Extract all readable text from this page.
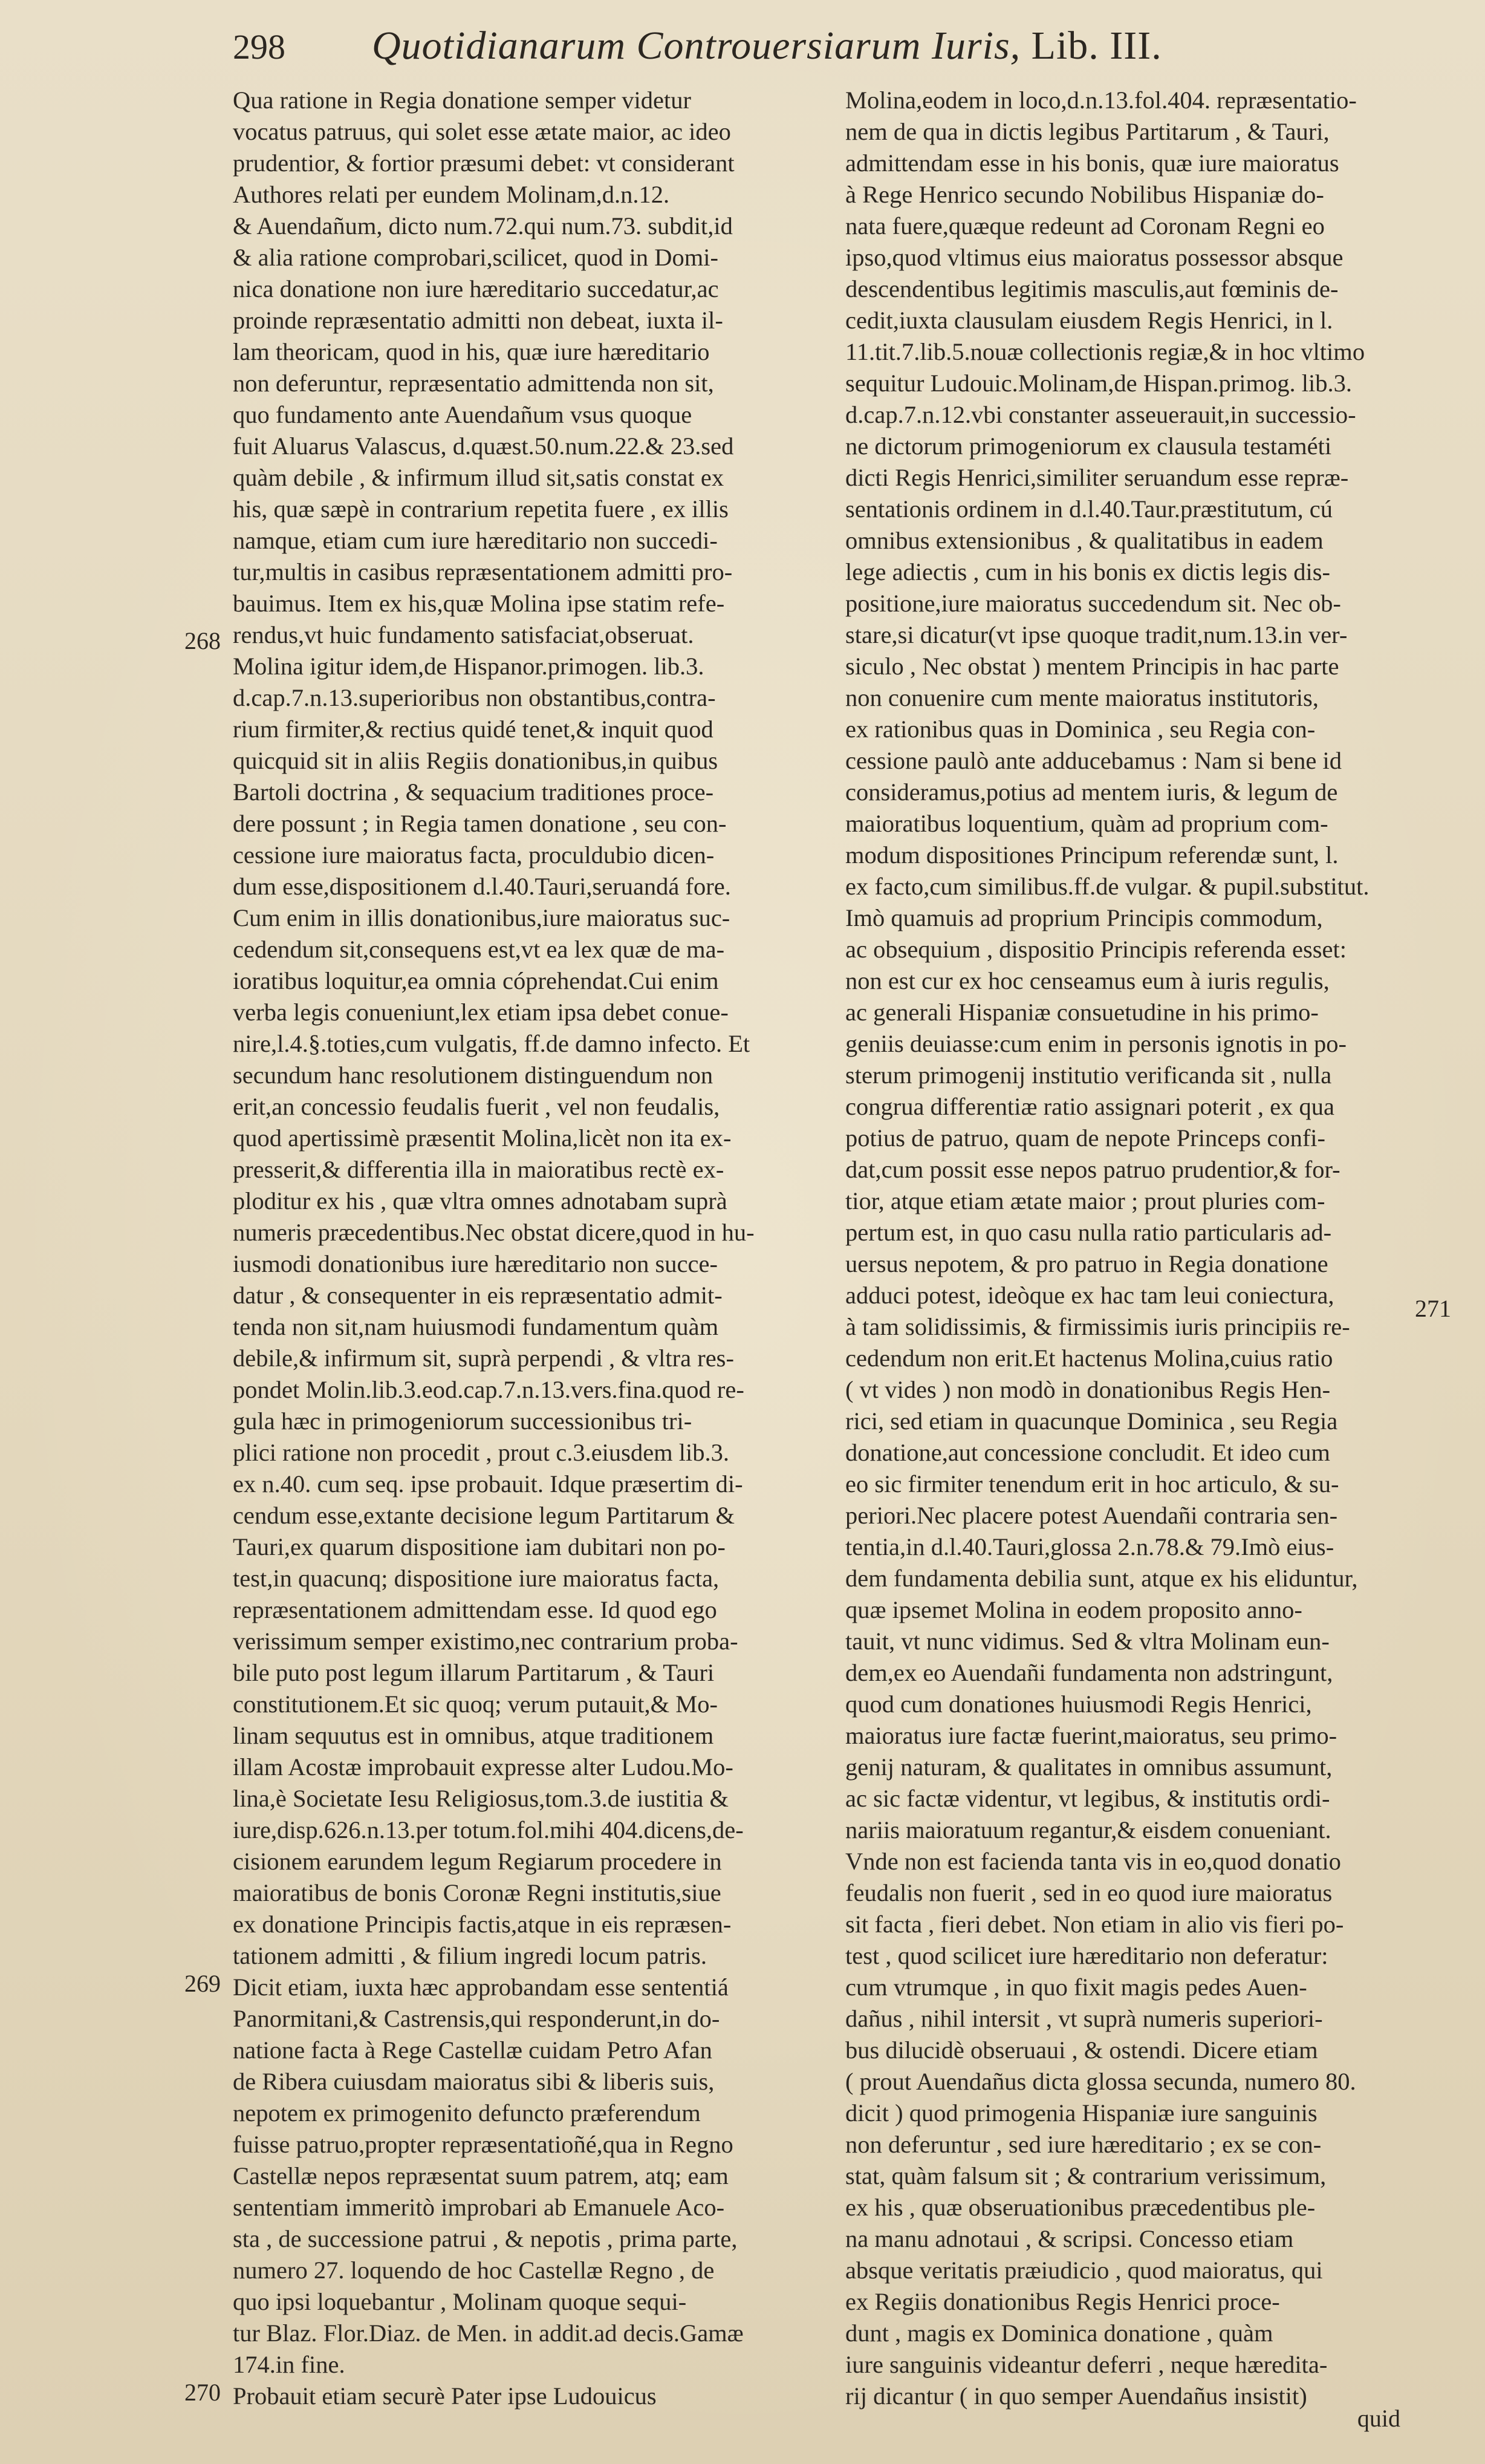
298	Quotidianarum Controuersiarum Iuris, Lib. III.
268
269
270
271
Qua ratione in Regia donatione semper videtur
vocatus patruus, qui solet esse ætate maior, ac ideo
prudentior, & fortior præsumi debet: vt considerant
Authores relati per eundem Molinam,d.n.12.
& Auendañum, dicto num.72.qui num.73. subdit,id
& alia ratione comprobari,scilicet, quod in Domi-
nica donatione non iure hæreditario succedatur,ac
proinde repræsentatio admitti non debeat, iuxta il-
lam theoricam, quod in his, quæ iure hæreditario
non deferuntur, repræsentatio admittenda non sit,
quo fundamento ante Auendañum vsus quoque
fuit Aluarus Valascus, d.quæst.50.num.22.& 23.sed
quàm debile , & infirmum illud sit,satis constat ex
his, quæ sæpè in contrarium repetita fuere , ex illis
namque, etiam cum iure hæreditario non succedi-
tur,multis in casibus repræsentationem admitti pro-
bauimus. Item ex his,quæ Molina ipse statim refe-
rendus,vt huic fundamento satisfaciat,obseruat.
Molina igitur idem,de Hispanor.primogen. lib.3.
d.cap.7.n.13.superioribus non obstantibus,contra-
rium firmiter,& rectius quidé tenet,& inquit quod
quicquid sit in aliis Regiis donationibus,in quibus
Bartoli doctrina , & sequacium traditiones proce-
dere possunt ; in Regia tamen donatione , seu con-
cessione iure maioratus facta, proculdubio dicen-
dum esse,dispositionem d.l.40.Tauri,seruandá fore.
Cum enim in illis donationibus,iure maioratus suc-
cedendum sit,consequens est,vt ea lex quæ de ma-
ioratibus loquitur,ea omnia cóprehendat.Cui enim
verba legis conueniunt,lex etiam ipsa debet conue-
nire,l.4.§.toties,cum vulgatis, ff.de damno infecto. Et
secundum hanc resolutionem distinguendum non
erit,an concessio feudalis fuerit , vel non feudalis,
quod apertissimè præsentit Molina,licèt non ita ex-
presserit,& differentia illa in maioratibus rectè ex-
ploditur ex his , quæ vltra omnes adnotabam suprà
numeris præcedentibus.Nec obstat dicere,quod in hu-
iusmodi donationibus iure hæreditario non succe-
datur , & consequenter in eis repræsentatio admit-
tenda non sit,nam huiusmodi fundamentum quàm
debile,& infirmum sit, suprà perpendi , & vltra res-
pondet Molin.lib.3.eod.cap.7.n.13.vers.fina.quod re-
gula hæc in primogeniorum successionibus tri-
plici ratione non procedit , prout c.3.eiusdem lib.3.
ex n.40. cum seq. ipse probauit. Idque præsertim di-
cendum esse,extante decisione legum Partitarum &
Tauri,ex quarum dispositione iam dubitari non po-
test,in quacunq; dispositione iure maioratus facta,
repræsentationem admittendam esse. Id quod ego
verissimum semper existimo,nec contrarium proba-
bile puto post legum illarum Partitarum , & Tauri
constitutionem.Et sic quoq; verum putauit,& Mo-
linam sequutus est in omnibus, atque traditionem
illam Acostæ improbauit expresse alter Ludou.Mo-
lina,è Societate Iesu Religiosus,tom.3.de iustitia &
iure,disp.626.n.13.per totum.fol.mihi 404.dicens,de-
cisionem earundem legum Regiarum procedere in
maioratibus de bonis Coronæ Regni institutis,siue
ex donatione Principis factis,atque in eis repræsen-
tationem admitti , & filium ingredi locum patris.
Dicit etiam, iuxta hæc approbandam esse sententiá
Panormitani,& Castrensis,qui responderunt,in do-
natione facta à Rege Castellæ cuidam Petro Afan
de Ribera cuiusdam maioratus sibi & liberis suis,
nepotem ex primogenito defuncto præferendum
fuisse patruo,propter repræsentatioñé,qua in Regno
Castellæ nepos repræsentat suum patrem, atq; eam
sententiam immeritò improbari ab Emanuele Aco-
sta , de successione patrui , & nepotis , prima parte,
numero 27. loquendo de hoc Castellæ Regno , de
quo ipsi loquebantur , Molinam quoque sequi-
tur Blaz. Flor.Diaz. de Men. in addit.ad decis.Gamæ
174.in fine.
Probauit etiam securè Pater ipse Ludouicus
Molina,eodem in loco,d.n.13.fol.404. repræsentatio-
nem de qua in dictis legibus Partitarum , & Tauri,
admittendam esse in his bonis, quæ iure maioratus
à Rege Henrico secundo Nobilibus Hispaniæ do-
nata fuere,quæque redeunt ad Coronam Regni eo
ipso,quod vltimus eius maioratus possessor absque
descendentibus legitimis masculis,aut fœminis de-
cedit,iuxta clausulam eiusdem Regis Henrici, in l.
11.tit.7.lib.5.nouæ collectionis regiæ,& in hoc vltimo
sequitur Ludouic.Molinam,de Hispan.primog. lib.3.
d.cap.7.n.12.vbi constanter asseuerauit,in successio-
ne dictorum primogeniorum ex clausula testaméti
dicti Regis Henrici,similiter seruandum esse repræ-
sentationis ordinem in d.l.40.Taur.præstitutum, cú
omnibus extensionibus , & qualitatibus in eadem
lege adiectis , cum in his bonis ex dictis legis dis-
positione,iure maioratus succedendum sit. Nec ob-
stare,si dicatur(vt ipse quoque tradit,num.13.in ver-
siculo , Nec obstat ) mentem Principis in hac parte
non conuenire cum mente maioratus institutoris,
ex rationibus quas in Dominica , seu Regia con-
cessione paulò ante adducebamus : Nam si bene id
consideramus,potius ad mentem iuris, & legum de
maioratibus loquentium, quàm ad proprium com-
modum dispositiones Principum referendæ sunt, l.
ex facto,cum similibus.ff.de vulgar. & pupil.substitut.
Imò quamuis ad proprium Principis commodum,
ac obsequium , dispositio Principis referenda esset:
non est cur ex hoc censeamus eum à iuris regulis,
ac generali Hispaniæ consuetudine in his primo-
geniis deuiasse:cum enim in personis ignotis in po-
sterum primogenij institutio verificanda sit , nulla
congrua differentiæ ratio assignari poterit , ex qua
potius de patruo, quam de nepote Princeps confi-
dat,cum possit esse nepos patruo prudentior,& for-
tior, atque etiam ætate maior ; prout pluries com-
pertum est, in quo casu nulla ratio particularis ad-
uersus nepotem, & pro patruo in Regia donatione
adduci potest, ideòque ex hac tam leui coniectura,
à tam solidissimis, & firmissimis iuris principiis re-
cedendum non erit.Et hactenus Molina,cuius ratio
( vt vides ) non modò in donationibus Regis Hen-
rici, sed etiam in quacunque Dominica , seu Regia
donatione,aut concessione concludit. Et ideo cum
eo sic firmiter tenendum erit in hoc articulo, & su-
periori.Nec placere potest Auendañi contraria sen-
tentia,in d.l.40.Tauri,glossa 2.n.78.& 79.Imò eius-
dem fundamenta debilia sunt, atque ex his eliduntur,
quæ ipsemet Molina in eodem proposito anno-
tauit, vt nunc vidimus. Sed & vltra Molinam eun-
dem,ex eo Auendañi fundamenta non adstringunt,
quod cum donationes huiusmodi Regis Henrici,
maioratus iure factæ fuerint,maioratus, seu primo-
genij naturam, & qualitates in omnibus assumunt,
ac sic factæ videntur, vt legibus, & institutis ordi-
nariis maioratuum regantur,& eisdem conueniant.
Vnde non est facienda tanta vis in eo,quod donatio
feudalis non fuerit , sed in eo quod iure maioratus
sit facta , fieri debet. Non etiam in alio vis fieri po-
test , quod scilicet iure hæreditario non deferatur:
cum vtrumque , in quo fixit magis pedes Auen-
dañus , nihil intersit , vt suprà numeris superiori-
bus dilucidè obseruaui , & ostendi. Dicere etiam
( prout Auendañus dicta glossa secunda, numero 80.
dicit ) quod primogenia Hispaniæ iure sanguinis
non deferuntur , sed iure hæreditario ; ex se con-
stat, quàm falsum sit ; & contrarium verissimum,
ex his , quæ obseruationibus præcedentibus ple-
na manu adnotaui , & scripsi. Concesso etiam
absque veritatis præiudicio , quod maioratus, qui
ex Regiis donationibus Regis Henrici proce-
dunt , magis ex Dominica donatione , quàm
iure sanguinis videantur deferri , neque hæredita-
rij dicantur ( in quo semper Auendañus insistit)
quid
